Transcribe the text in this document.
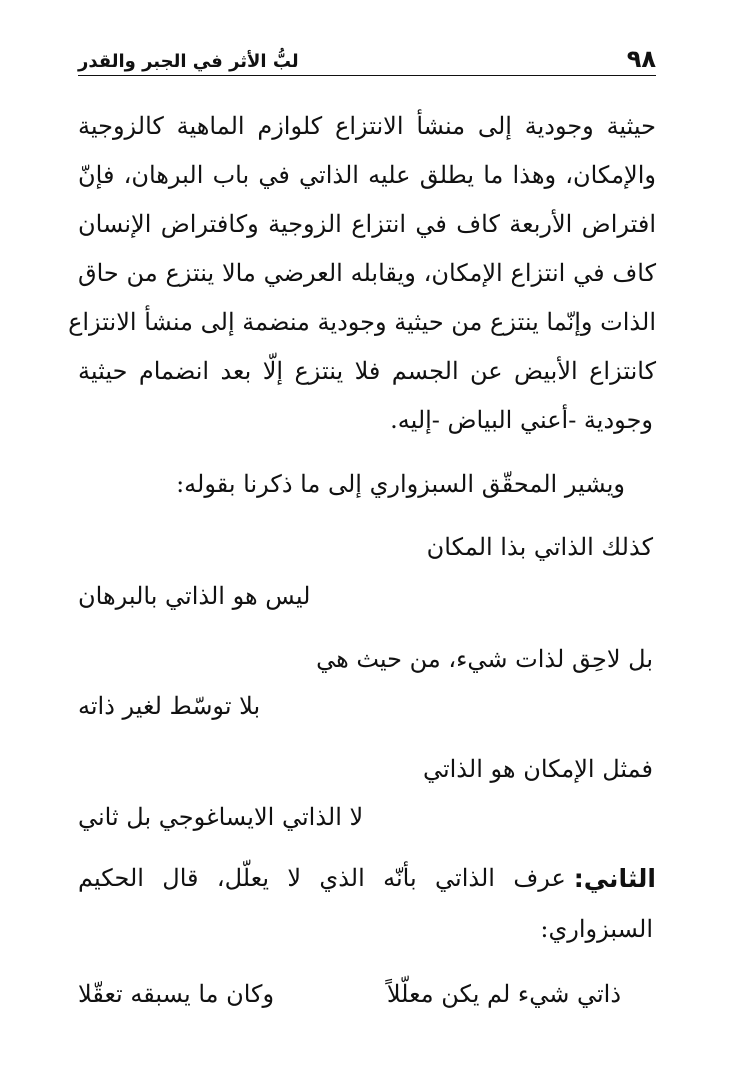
٩٨
لبُّ الأثر في الجبر والقدر
حيثية وجودية إلى منشأ الانتزاع كلوازم الماهية كالزوجية
والإمكان، وهذا ما يطلق عليه الذاتي في باب البرهان، فإنّ
افتراض الأربعة كاف في انتزاع الزوجية وكافتراض الإنسان
كاف في انتزاع الإمكان، ويقابله العرضي مالا ينتزع من حاق
الذات وإنّما ينتزع من حيثية وجودية منضمة إلى منشأ الانتزاع
كانتزاع الأبيض عن الجسم فلا ينتزع إلّا بعد انضمام حيثية
وجودية -أعني البياض -إليه.
ويشير المحقّق السبزواري إلى ما ذكرنا بقوله:
كذلك الذاتي بذا المكان
ليس هو الذاتي بالبرهان
بل لاحِق لذات شيء، من حيث هي
بلا توسّط لغير ذاته
فمثل الإمكان هو الذاتي
لا الذاتي الايساغوجي بل ثاني
الثاني:
عرف الذاتي بأنّه الذي لا يعلّل، قال الحكيم
السبزواري:
ذاتي شيء لم يكن معلّلاً
وكان ما يسبقه تعقّلا
